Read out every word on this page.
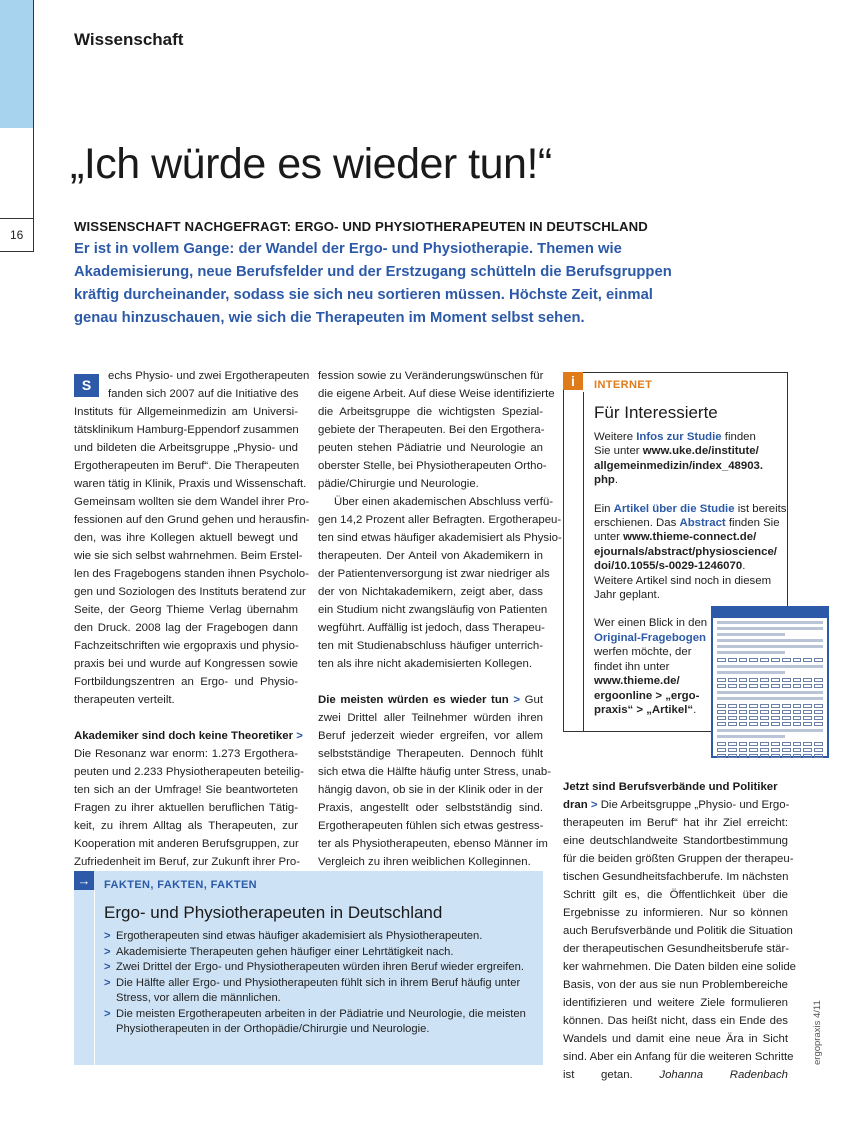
16
Wissenschaft
„Ich würde es wieder tun!“
WISSENSCHAFT NACHGEFRAGT: ERGO- UND PHYSIOTHERAPEUTEN IN DEUTSCHLAND
Er ist in vollem Gange: der Wandel der Ergo- und Physiotherapie. Themen wie
Akademisierung, neue Berufsfelder und der Erstzugang schütteln die Berufsgruppen
kräftig durcheinander, sodass sie sich neu sortieren müssen. Höchste Zeit, einmal
genau hinzuschauen, wie sich die Therapeuten im Moment selbst sehen.
S
echs Physio- und zwei Ergotherapeuten
fanden sich 2007 auf die Initiative des
Instituts für Allgemeinmedizin am Universi-
tätsklinikum Hamburg-Eppendorf zusammen
und bildeten die Arbeitsgruppe „Physio- und
Ergotherapeuten im Beruf“. Die Therapeuten
waren tätig in Klinik, Praxis und Wissenschaft.
Gemeinsam wollten sie dem Wandel ihrer Pro-
fessionen auf den Grund gehen und herausfin-
den, was ihre Kollegen aktuell bewegt und
wie sie sich selbst wahrnehmen. Beim Erstel-
len des Fragebogens standen ihnen Psycholo-
gen und Soziologen des Instituts beratend zur
Seite, der Georg Thieme Verlag übernahm
den Druck. 2008 lag der Fragebogen dann
Fachzeitschriften wie ergopraxis und physio-
praxis bei und wurde auf Kongressen sowie
Fortbildungszentren an Ergo- und Physio-
therapeuten verteilt.
Akademiker sind doch keine Theoretiker >
Die Resonanz war enorm: 1.273 Ergothera-
peuten und 2.233 Physiotherapeuten beteilig-
ten sich an der Umfrage! Sie beantworteten
Fragen zu ihrer aktuellen beruflichen Tätig-
keit, zu ihrem Alltag als Therapeuten, zur
Kooperation mit anderen Berufsgruppen, zur
Zufriedenheit im Beruf, zur Zukunft ihrer Pro-
fession sowie zu Veränderungswünschen für
die eigene Arbeit. Auf diese Weise identifizierte
die Arbeitsgruppe die wichtigsten Spezial-
gebiete der Therapeuten. Bei den Ergothera-
peuten stehen Pädiatrie und Neurologie an
oberster Stelle, bei Physiotherapeuten Ortho-
pädie/Chirurgie und Neurologie.
Über einen akademischen Abschluss verfü-
gen 14,2 Prozent aller Befragten. Ergotherapeu-
ten sind etwas häufiger akademisiert als Physio-
therapeuten. Der Anteil von Akademikern in
der Patientenversorgung ist zwar niedriger als
der von Nichtakademikern, zeigt aber, dass
ein Studium nicht zwangsläufig von Patienten
wegführt. Auffällig ist jedoch, dass Therapeu-
ten mit Studienabschluss häufiger unterrich-
ten als ihre nicht akademisierten Kollegen.
Die meisten würden es wieder tun > Gut
zwei Drittel aller Teilnehmer würden ihren
Beruf jederzeit wieder ergreifen, vor allem
selbstständige Therapeuten. Dennoch fühlt
sich etwa die Hälfte häufig unter Stress, unab-
hängig davon, ob sie in der Klinik oder in der
Praxis, angestellt oder selbstständig sind.
Ergotherapeuten fühlen sich etwas gestress-
ter als Physiotherapeuten, ebenso Männer im
Vergleich zu ihren weiblichen Kolleginnen.
i	INTERNET
Für Interessierte
Weitere Infos zur Studie finden
Sie unter www.uke.de/institute/
allgemeinmedizin/index_48903.
php.
Ein Artikel über die Studie ist bereits
erschienen. Das Abstract finden Sie
unter www.thieme-connect.de/
ejournals/abstract/physioscience/
doi/10.1055/s-0029-1246070.
Weitere Artikel sind noch in diesem
Jahr geplant.
Wer einen Blick in den
Original-Fragebogen
werfen möchte, der
findet ihn unter
www.thieme.de/
ergoonline > „ergo-
praxis“ > „Artikel“.
Jetzt sind Berufsverbände und Politiker
dran > Die Arbeitsgruppe „Physio- und Ergo-
therapeuten im Beruf“ hat ihr Ziel erreicht:
eine deutschlandweite Standortbestimmung
für die beiden größten Gruppen der therapeu-
tischen Gesundheitsfachberufe. Im nächsten
Schritt gilt es, die Öffentlichkeit über die
Ergebnisse zu informieren. Nur so können
auch Berufsverbände und Politik die Situation
der therapeutischen Gesundheitsberufe stär-
ker wahrnehmen. Die Daten bilden eine solide
Basis, von der aus sie nun Problembereiche
identifizieren und weitere Ziele formulieren
können. Das heißt nicht, dass ein Ende des
Wandels und damit eine neue Ära in Sicht
sind. Aber ein Anfang für die weiteren Schritte
ist getan. Johanna Radenbach
→	FAKTEN, FAKTEN, FAKTEN
Ergo- und Physiotherapeuten in Deutschland
> Ergotherapeuten sind etwas häufiger akademisiert als Physiotherapeuten.
> Akademisierte Therapeuten gehen häufiger einer Lehrtätigkeit nach.
> Zwei Drittel der Ergo- und Physiotherapeuten würden ihren Beruf wieder ergreifen.
> Die Hälfte aller Ergo- und Physiotherapeuten fühlt sich in ihrem Beruf häufig unter
Stress, vor allem die männlichen.
> Die meisten Ergotherapeuten arbeiten in der Pädiatrie und Neurologie, die meisten
Physiotherapeuten in der Orthopädie/Chirurgie und Neurologie.	ergopraxis 4/11
